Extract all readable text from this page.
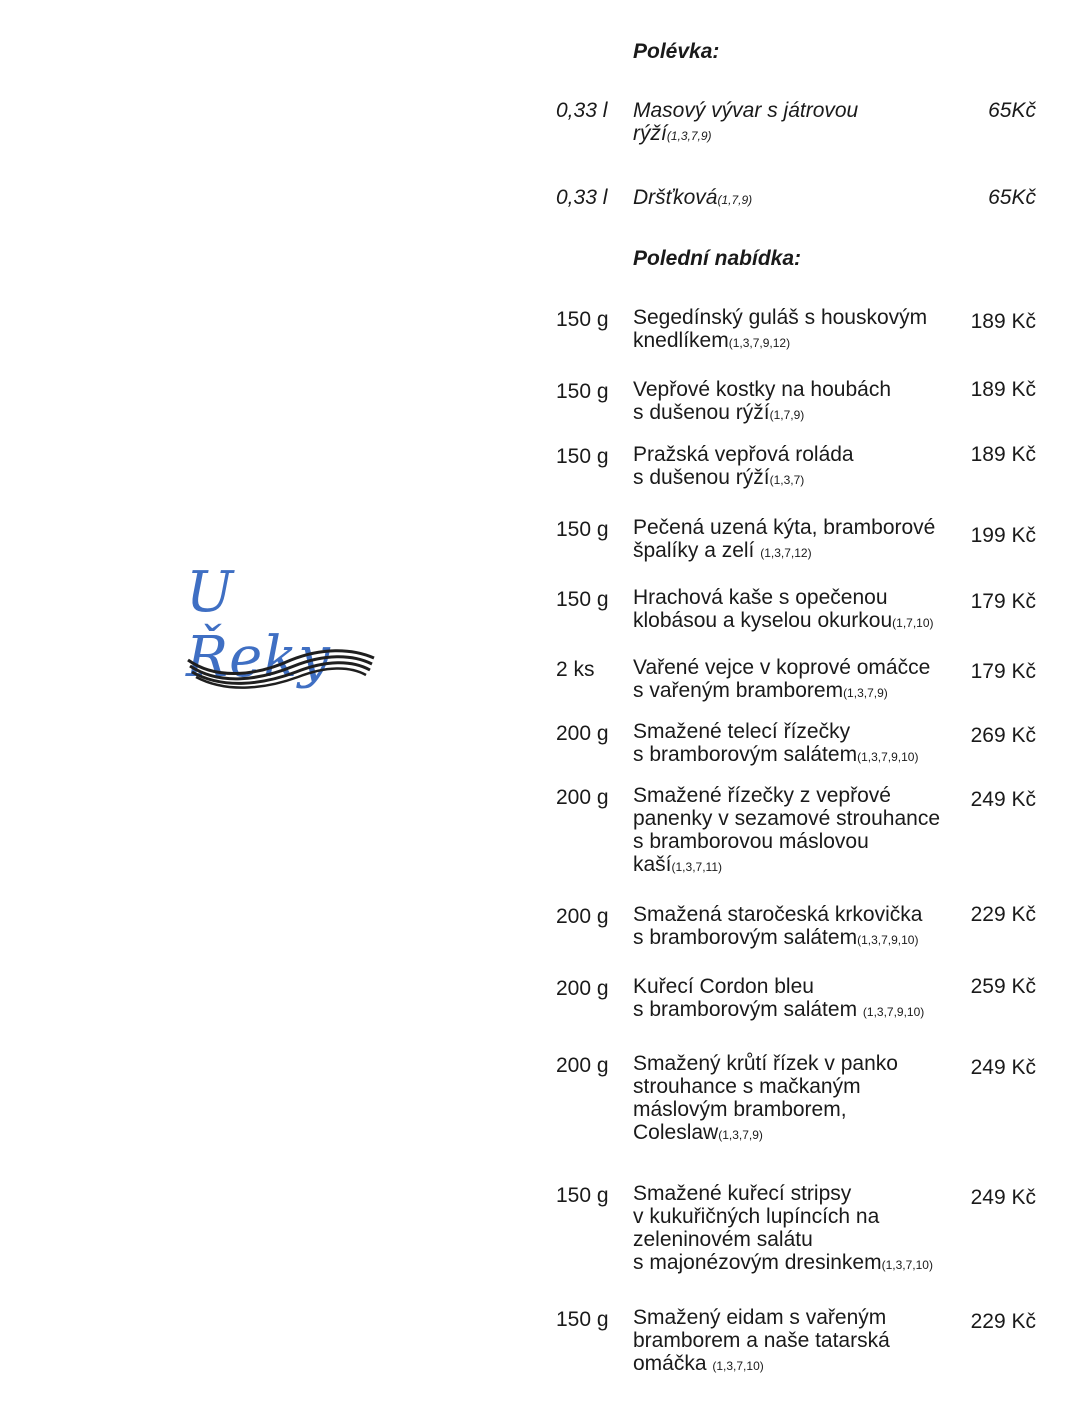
U Řeky
Polévka:
0,33 l Masový vývar s játrovou
rýží(1,3,7,9)
65Kč
0,33 l Dršťková(1,7,9)	65Kč
Polední nabídka:
150 g Segedínský guláš s houskovým
knedlíkem(1,3,7,9,12)
189 Kč
150 g Vepřové kostky na houbách
s dušenou rýží(1,7,9)
189 Kč
150 g Pražská vepřová roláda
s dušenou rýží(1,3,7)
189 Kč
150 g Pečená uzená kýta, bramborové
špalíky a zelí (1,3,7,12)
199 Kč
150 g Hrachová kaše s opečenou
klobásou a kyselou okurkou(1,7,10)
179 Kč
2 ks Vařené vejce v koprové omáčce
s vařeným bramborem(1,3,7,9)
179 Kč
200 g Smažené telecí řízečky
s bramborovým salátem(1,3,7,9,10)
269 Kč
200 g Smažené řízečky z vepřové
panenky v sezamové strouhance
s bramborovou máslovou
kaší(1,3,7,11)
249 Kč
200 g Smažená staročeská krkovička
s bramborovým salátem(1,3,7,9,10)
229 Kč
200 g Kuřecí Cordon bleu
s bramborovým salátem (1,3,7,9,10)
259 Kč
200 g Smažený krůtí řízek v panko
strouhance s mačkaným
máslovým bramborem,
Coleslaw(1,3,7,9)
249 Kč
150 g Smažené kuřecí stripsy
v kukuřičných lupíncích na
zeleninovém salátu
s majonézovým dresinkem(1,3,7,10)
249 Kč
150 g Smažený eidam s vařeným
bramborem a naše tatarská
omáčka (1,3,7,10)
229 Kč
